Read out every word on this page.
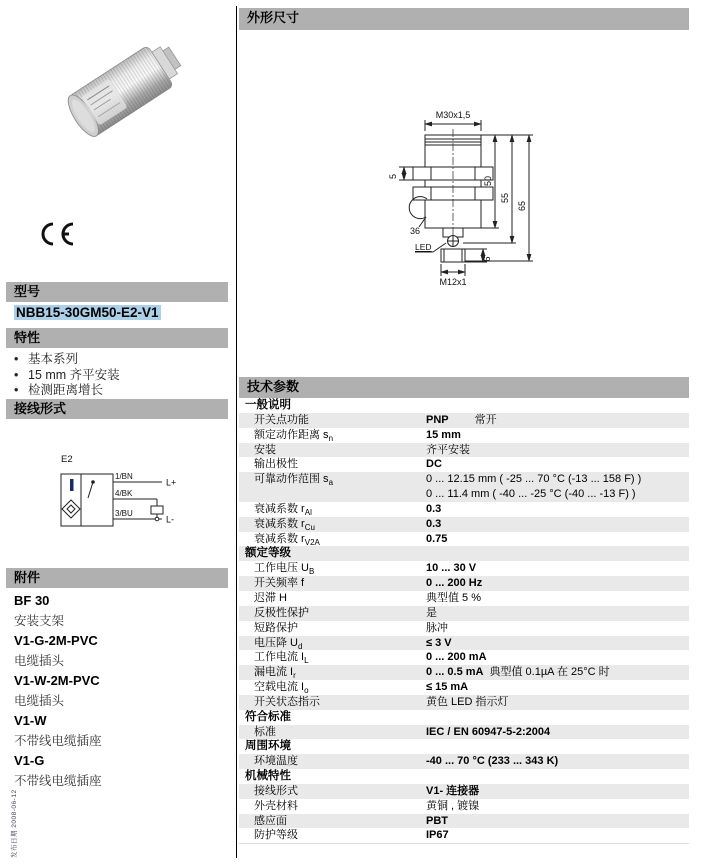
型号
NBB15-30GM50-E2-V1
特性
• 基本系列
• 15 mm 齐平安装
• 检测距离增长
接线形式
E2
1/BN
4/BK
3/BU
L+
L-
附件
BF 30
安装支架
V1-G-2M-PVC
电缆插头
V1-W-2M-PVC
电缆插头
V1-W
不带线电缆插座
V1-G
不带线电缆插座
发布日期 2008-06-12
外形尺寸
M30x1,5
5
36
50
55
65
LED
6
M12x1
技术参数
一般说明
开关点功能	PNP 常开
额定动作距离 $s_n$	15 mm
安装	齐平安装
输出极性	DC
可靠动作范围 $s_a$	0 ... 12.15 mm ( -25 ... 70 °C (-13 ... 158 F) )
0 ... 11.4 mm ( -40 ... -25 °C (-40 ... -13 F) )
衰减系数 $r_{Al}$	0.3
衰减系数 $r_{Cu}$	0.3
衰减系数 $r_{V2A}$	0.75
额定等级
工作电压 $U_B$	10 ... 30 V
开关频率 f	0 ... 200 Hz
迟滞 H	典型值 5 %
反极性保护	是
短路保护	脉冲
电压降 $U_d$	≤ 3 V
工作电流 $I_L$	0 ... 200 mA
漏电流 $I_r$	0 ... 0.5 mA 典型值 0.1µA 在 25°C 时
空载电流 $I_o$	≤ 15 mA
开关状态指示	黄色 LED 指示灯
符合标准
标准	IEC / EN 60947-5-2:2004
周围环境
环境温度	-40 ... 70 °C (233 ... 343 K)
机械特性
接线形式	V1- 连接器
外壳材料	黄铜 , 镀镍
感应面	PBT
防护等级	IP67
